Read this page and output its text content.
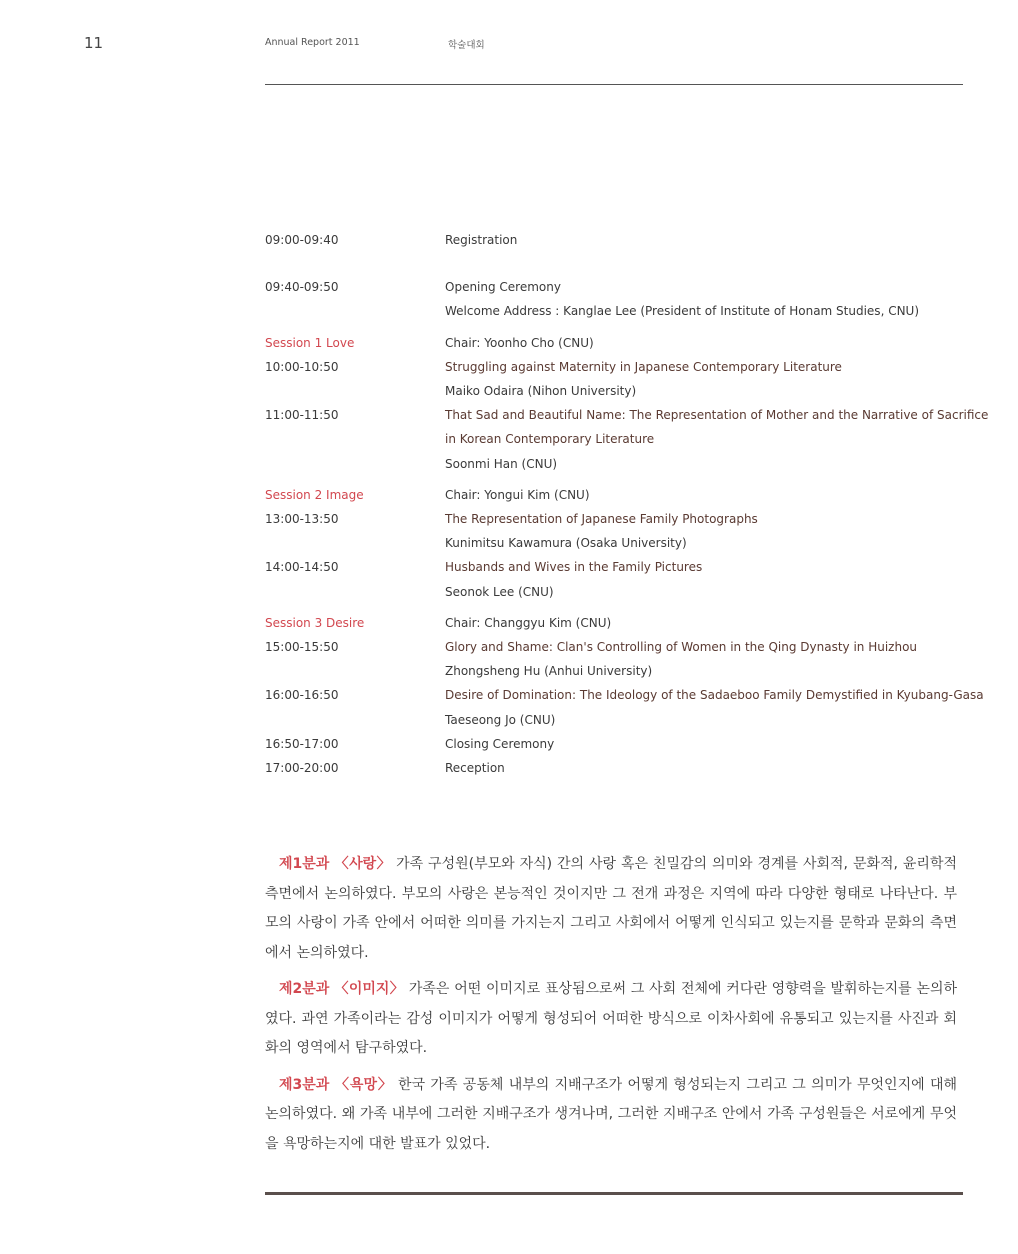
11	Annual Report 2011	학술대회
09:00-09:40	Registration
09:40-09:50	Opening Ceremony
Welcome Address : Kanglae Lee (President of Institute of Honam Studies, CNU)
Session 1 Love	Chair: Yoonho Cho (CNU)
10:00-10:50	Struggling against Maternity in Japanese Contemporary Literature
Maiko Odaira (Nihon University)
11:00-11:50	That Sad and Beautiful Name: The Representation of Mother and the Narrative of Sacrifice
in Korean Contemporary Literature
Soonmi Han (CNU)
Session 2 Image	Chair: Yongui Kim (CNU)
13:00-13:50	The Representation of Japanese Family Photographs
Kunimitsu Kawamura (Osaka University)
14:00-14:50	Husbands and Wives in the Family Pictures
Seonok Lee (CNU)
Session 3 Desire	Chair: Changgyu Kim (CNU)
15:00-15:50	Glory and Shame: Clan's Controlling of Women in the Qing Dynasty in Huizhou
Zhongsheng Hu (Anhui University)
16:00-16:50	Desire of Domination: The Ideology of the Sadaeboo Family Demystified in Kyubang-Gasa
Taeseong Jo (CNU)
16:50-17:00	Closing Ceremony
17:00-20:00	Reception

제1분과 〈사랑〉 가족 구성원(부모와 자식) 간의 사랑 혹은 친밀감의 의미와 경계를 사회적, 문화적, 윤리학적 측면에서 논의하였다. 부모의 사랑은 본능적인 것이지만 그 전개 과정은 지역에 따라 다양한 형태로 나타난다. 부모의 사랑이 가족 안에서 어떠한 의미를 가지는지 그리고 사회에서 어떻게 인식되고 있는지를 문학과 문화의 측면에서 논의하였다.

제2분과 〈이미지〉 가족은 어떤 이미지로 표상됨으로써 그 사회 전체에 커다란 영향력을 발휘하는지를 논의하였다. 과연 가족이라는 감성 이미지가 어떻게 형성되어 어떠한 방식으로 이차사회에 유통되고 있는지를 사진과 회화의 영역에서 탐구하였다.

제3분과 〈욕망〉 한국 가족 공동체 내부의 지배구조가 어떻게 형성되는지 그리고 그 의미가 무엇인지에 대해 논의하였다. 왜 가족 내부에 그러한 지배구조가 생겨나며, 그러한 지배구조 안에서 가족 구성원들은 서로에게 무엇을 욕망하는지에 대한 발표가 있었다.
